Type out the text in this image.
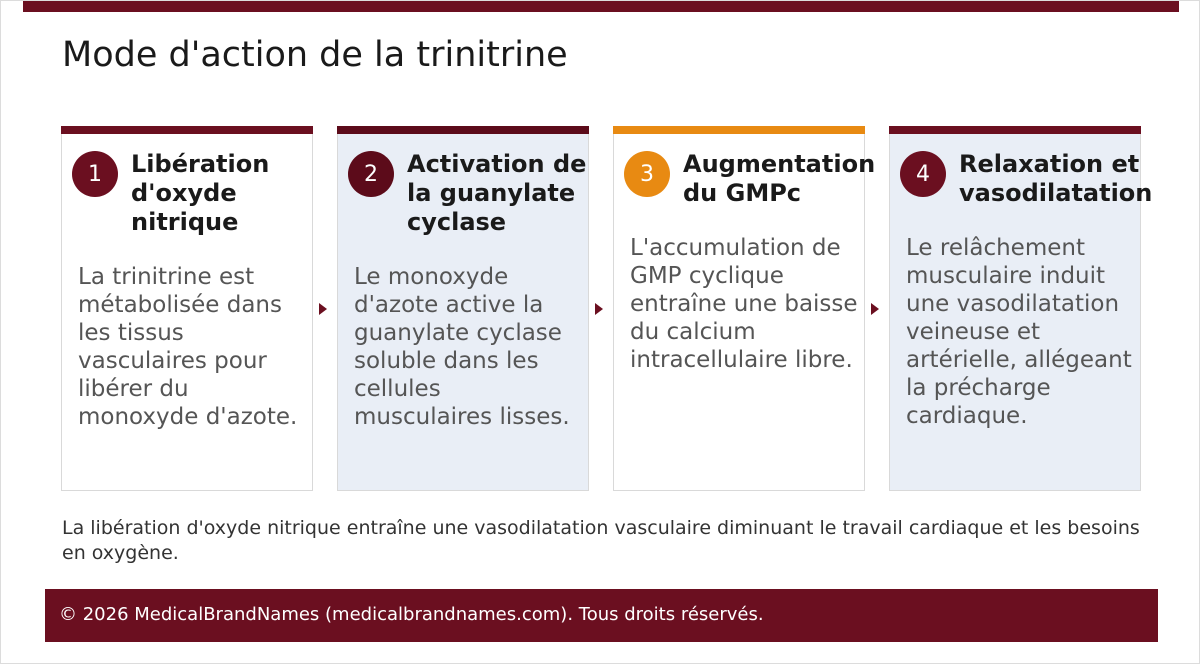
Mode d'action de la trinitrine
1	Libération d'oxyde nitrique
La trinitrine est métabolisée dans les tissus vasculaires pour libérer du monoxyde d'azote.
2	Activation de la guanylate cyclase
Le monoxyde d'azote active la guanylate cyclase soluble dans les cellules musculaires lisses.
3	Augmentation du GMPc
L'accumulation de GMP cyclique entraîne une baisse du calcium intracellulaire libre.
4	Relaxation et vasodilatation
Le relâchement musculaire induit une vasodilatation veineuse et artérielle, allégeant la précharge cardiaque.
La libération d'oxyde nitrique entraîne une vasodilatation vasculaire diminuant le travail cardiaque et les besoins en oxygène.
© 2026 MedicalBrandNames (medicalbrandnames.com). Tous droits réservés.
